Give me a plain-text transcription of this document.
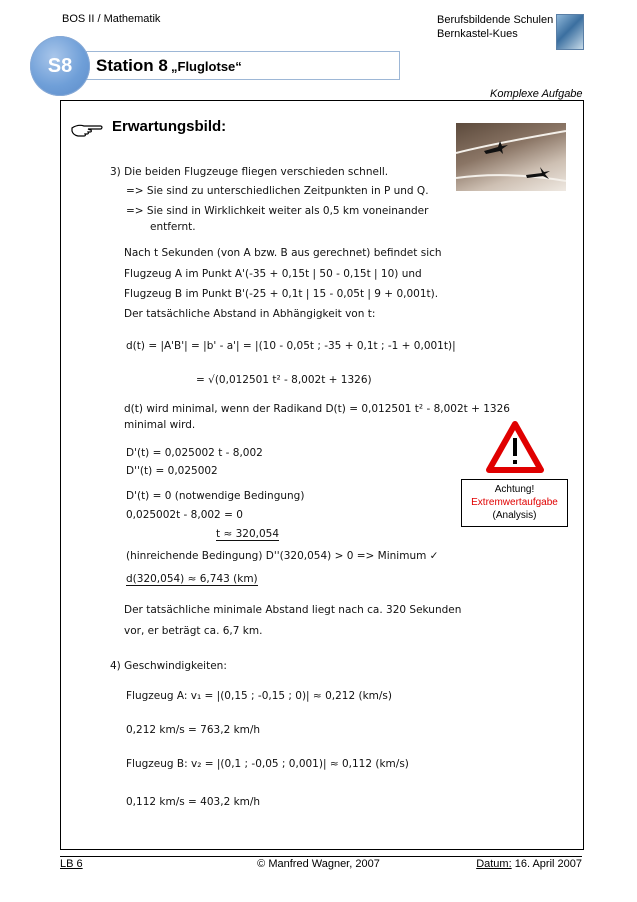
BOS II / Mathematik	Berufsbildende Schulen
Bernkastel-Kues
S8	Station 8 „Fluglotse“
Komplexe Aufgabe
Erwartungsbild:
3) Die beiden Flugzeuge fliegen verschieden schnell.
=> Sie sind zu unterschiedlichen Zeitpunkten in P und Q.
=> Sie sind in Wirklichkeit weiter als 0,5 km voneinander
entfernt.
Nach t Sekunden (von A bzw. B aus gerechnet) befindet sich
Flugzeug A im Punkt A'(-35 + 0,15t | 50 - 0,15t | 10) und
Flugzeug B im Punkt B'(-25 + 0,1t | 15 - 0,05t | 9 + 0,001t).
Der tatsächliche Abstand in Abhängigkeit von t:
d(t) = |A'B'| = |b' - a'| = |(10 - 0,05t ; -35 + 0,1t ; -1 + 0,001t)|
= √(0,012501 t² - 8,002t + 1326)
d(t) wird minimal, wenn der Radikand D(t) = 0,012501 t² - 8,002t + 1326
minimal wird.
D'(t) = 0,025002 t - 8,002
D''(t) = 0,025002
D'(t) = 0 (notwendige Bedingung)
0,025002t - 8,002 = 0
t ≈ 320,054
(hinreichende Bedingung) D''(320,054) > 0 => Minimum ✓
d(320,054) ≈ 6,743 (km)
Der tatsächliche minimale Abstand liegt nach ca. 320 Sekunden
vor, er beträgt ca. 6,7 km.
4) Geschwindigkeiten:
Flugzeug A: v₁ = |(0,15 ; -0,15 ; 0)| ≈ 0,212 (km/s)
0,212 km/s = 763,2 km/h
Flugzeug B: v₂ = |(0,1 ; -0,05 ; 0,001)| ≈ 0,112 (km/s)
0,112 km/s = 403,2 km/h
Achtung!
Extremwertaufgabe
(Analysis)
LB 6	© Manfred Wagner, 2007	Datum: 16. April 2007
